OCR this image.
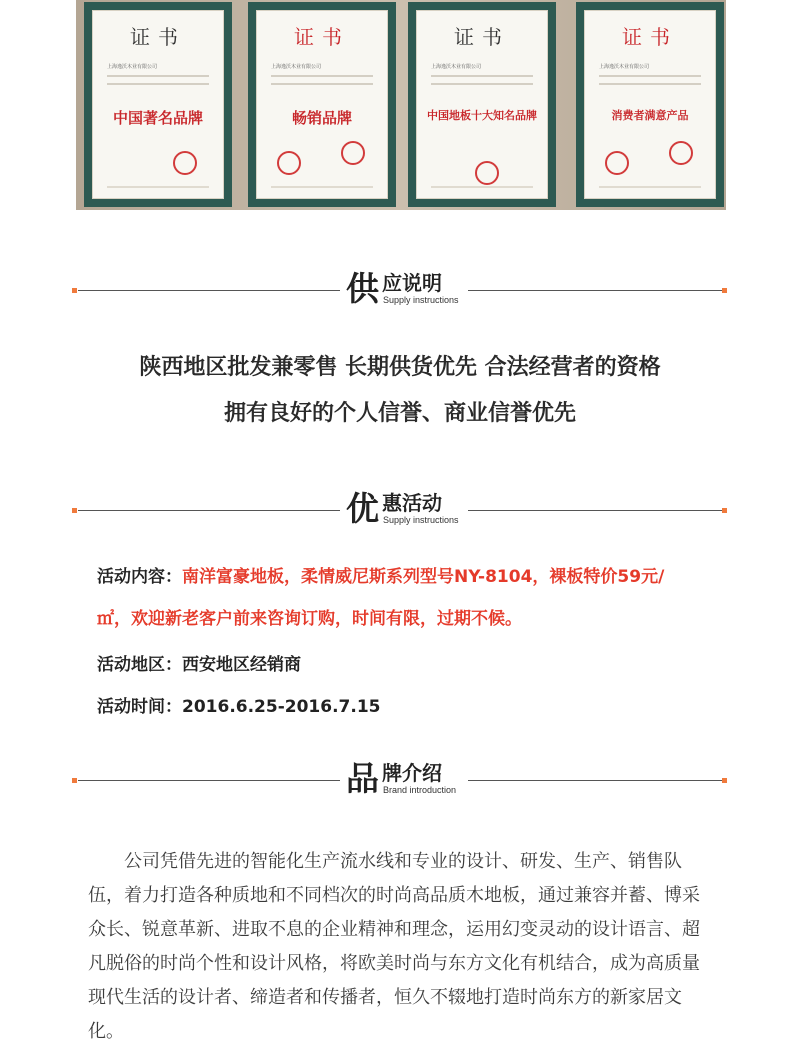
证书
上海逸沃木业有限公司
中国著名品牌
证书
上海逸沃木业有限公司
畅销品牌
证书
上海逸沃木业有限公司
中国地板十大知名品牌
证书
上海逸沃木业有限公司
消费者满意产品
供 应说明
Supply instructions
陕西地区批发兼零售 长期供货优先 合法经营者的资格
拥有良好的个人信誉、商业信誉优先
优 惠活动
Supply instructions
活动内容：南洋富豪地板，柔情威尼斯系列型号NY-8104，裸板特价59元/
㎡，欢迎新老客户前来咨询订购，时间有限，过期不候。
活动地区：西安地区经销商
活动时间：2016.6.25-2016.7.15
品 牌介绍
Brand introduction
公司凭借先进的智能化生产流水线和专业的设计、研发、生产、销售队伍，着力打造各种质地和不同档次的时尚高品质木地板，通过兼容并蓄、博采众长、锐意革新、进取不息的企业精神和理念，运用幻变灵动的设计语言、超凡脱俗的时尚个性和设计风格，将欧美时尚与东方文化有机结合，成为高质量现代生活的设计者、缔造者和传播者，恒久不辍地打造时尚东方的新家居文化。
